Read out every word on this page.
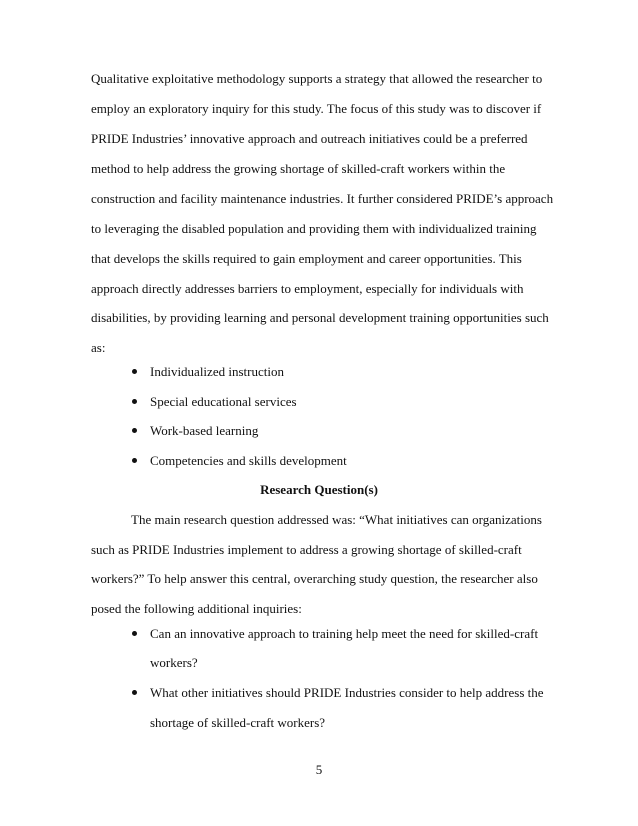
Qualitative exploitative methodology supports a strategy that allowed the researcher to
employ an exploratory inquiry for this study. The focus of this study was to discover if
PRIDE Industries’ innovative approach and outreach initiatives could be a preferred
method to help address the growing shortage of skilled-craft workers within the
construction and facility maintenance industries. It further considered PRIDE’s approach
to leveraging the disabled population and providing them with individualized training
that develops the skills required to gain employment and career opportunities. This
approach directly addresses barriers to employment, especially for individuals with
disabilities, by providing learning and personal development training opportunities such
as:
Individualized instruction
Special educational services
Work-based learning
Competencies and skills development
Research Question(s)
The main research question addressed was: “What initiatives can organizations
such as PRIDE Industries implement to address a growing shortage of skilled-craft
workers?” To help answer this central, overarching study question, the researcher also
posed the following additional inquiries:
Can an innovative approach to training help meet the need for skilled-craft
workers?
What other initiatives should PRIDE Industries consider to help address the
shortage of skilled-craft workers?
5
